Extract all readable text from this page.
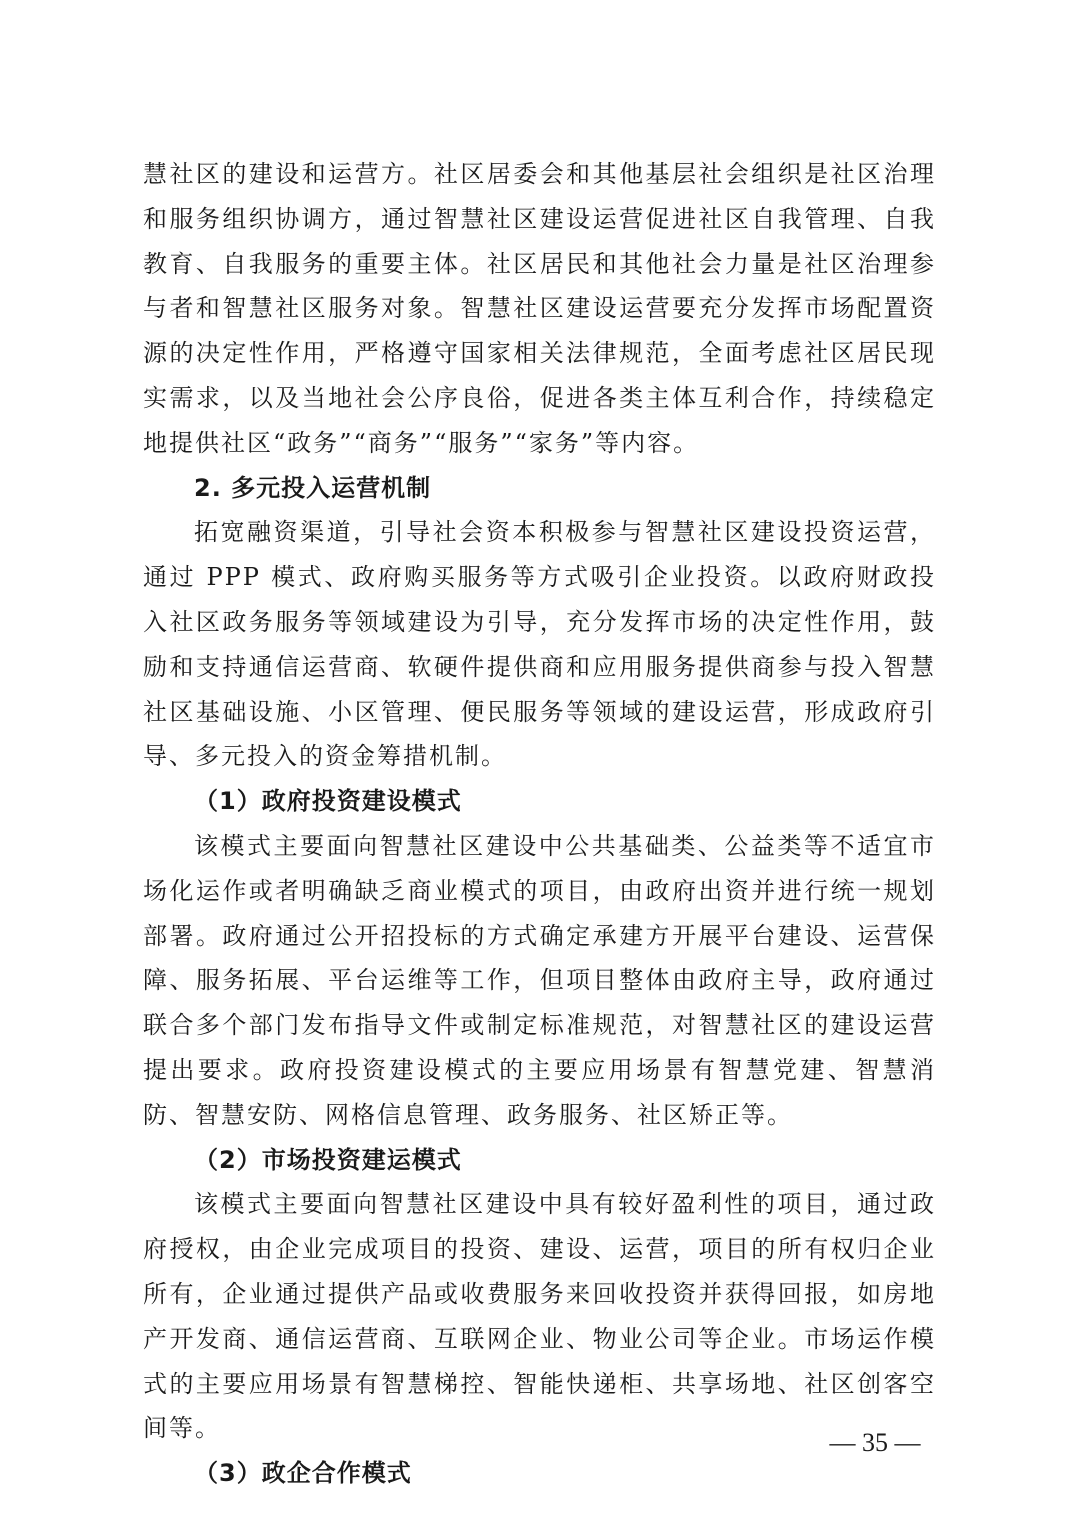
慧社区的建设和运营方。社区居委会和其他基层社会组织是社区治理和服务组织协调方，通过智慧社区建设运营促进社区自我管理、自我教育、自我服务的重要主体。社区居民和其他社会力量是社区治理参与者和智慧社区服务对象。智慧社区建设运营要充分发挥市场配置资源的决定性作用，严格遵守国家相关法律规范，全面考虑社区居民现实需求，以及当地社会公序良俗，促进各类主体互利合作，持续稳定地提供社区“政务”“商务”“服务”“家务”等内容。

2. 多元投入运营机制

拓宽融资渠道，引导社会资本积极参与智慧社区建设投资运营，通过 PPP 模式、政府购买服务等方式吸引企业投资。以政府财政投入社区政务服务等领域建设为引导，充分发挥市场的决定性作用，鼓励和支持通信运营商、软硬件提供商和应用服务提供商参与投入智慧社区基础设施、小区管理、便民服务等领域的建设运营，形成政府引导、多元投入的资金筹措机制。

（1）政府投资建设模式

该模式主要面向智慧社区建设中公共基础类、公益类等不适宜市场化运作或者明确缺乏商业模式的项目，由政府出资并进行统一规划部署。政府通过公开招投标的方式确定承建方开展平台建设、运营保障、服务拓展、平台运维等工作，但项目整体由政府主导，政府通过联合多个部门发布指导文件或制定标准规范，对智慧社区的建设运营提出要求。政府投资建设模式的主要应用场景有智慧党建、智慧消防、智慧安防、网格信息管理、政务服务、社区矫正等。

（2）市场投资建运模式

该模式主要面向智慧社区建设中具有较好盈利性的项目，通过政府授权，由企业完成项目的投资、建设、运营，项目的所有权归企业所有，企业通过提供产品或收费服务来回收投资并获得回报，如房地产开发商、通信运营商、互联网企业、物业公司等企业。市场运作模式的主要应用场景有智慧梯控、智能快递柜、共享场地、社区创客空间等。

（3）政企合作模式

— 35 —
